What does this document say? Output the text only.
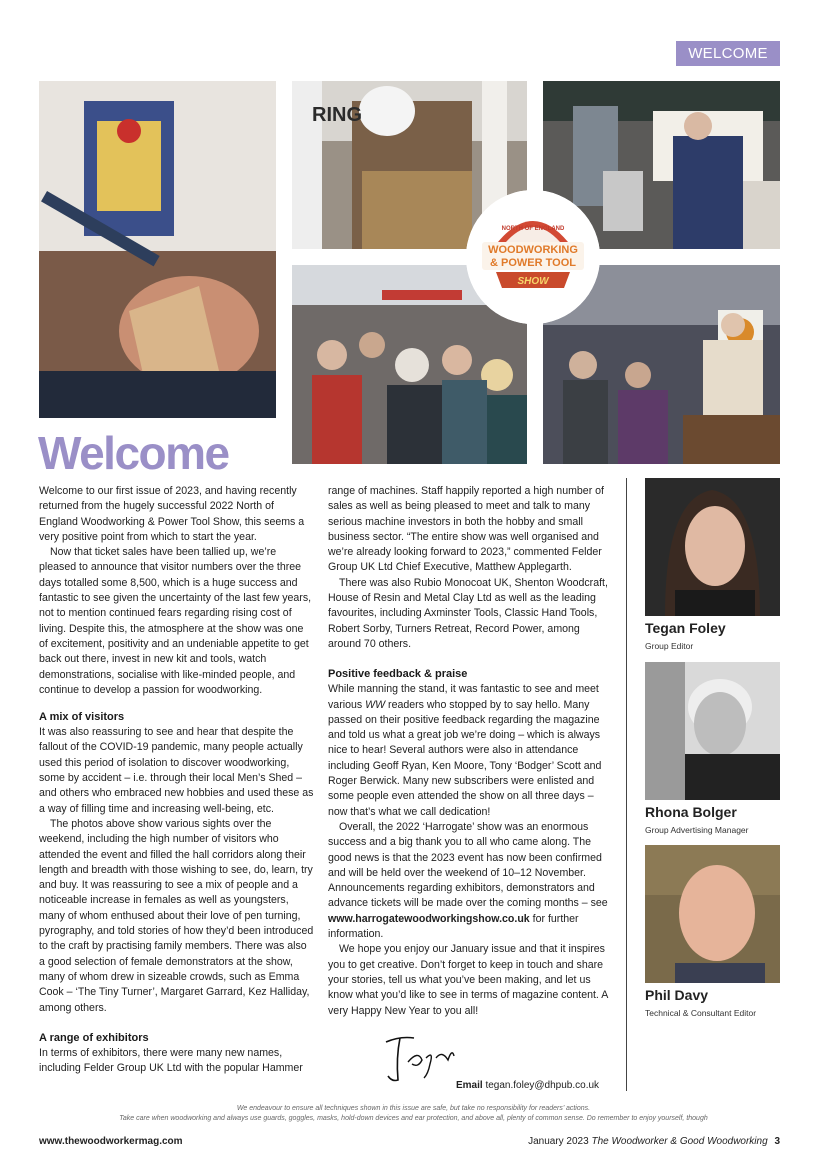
WELCOME
RING
NORTH OF ENGLAND
WOODWORKING
& POWER TOOL
SHOW
Welcome

Welcome to our first issue of 2023, and having recently returned from the hugely successful 2022 North of England Woodworking & Power Tool Show, this seems a very positive point from which to start the year.

Now that ticket sales have been tallied up, we’re pleased to announce that visitor numbers over the three days totalled some 8,500, which is a huge success and fantastic to see given the uncertainty of the last few years, not to mention continued fears regarding rising cost of living. Despite this, the atmosphere at the show was one of excitement, positivity and an undeniable appetite to get back out there, invest in new kit and tools, watch demonstrations, socialise with like-minded people, and continue to develop a passion for woodworking.

A mix of visitors

It was also reassuring to see and hear that despite the fallout of the COVID-19 pandemic, many people actually used this period of isolation to discover woodworking, some by accident – i.e. through their local Men’s Shed – and others who embraced new hobbies and used these as a way of filling time and increasing well-being, etc.

The photos above show various sights over the weekend, including the high number of visitors who attended the event and filled the hall corridors along their length and breadth with those wishing to see, do, learn, try and buy. It was reassuring to see a mix of people and a noticeable increase in females as well as youngsters, many of whom enthused about their love of pen turning, pyrography, and told stories of how they’d been introduced to the craft by practising family members. There was also a good selection of female demonstrators at the show, many of whom drew in sizeable crowds, such as Emma Cook – ‘The Tiny Turner’, Margaret Garrard, Kez Halliday, among others.

A range of exhibitors

In terms of exhibitors, there were many new names, including Felder Group UK Ltd with the popular Hammer

range of machines. Staff happily reported a high number of sales as well as being pleased to meet and talk to many serious machine investors in both the hobby and small business sector. “The entire show was well organised and we’re already looking forward to 2023,” commented Felder Group UK Ltd Chief Executive, Matthew Applegarth.

There was also Rubio Monocoat UK, Shenton Woodcraft, House of Resin and Metal Clay Ltd as well as the leading favourites, including Axminster Tools, Classic Hand Tools, Robert Sorby, Turners Retreat, Record Power, among around 70 others.

Positive feedback & praise

While manning the stand, it was fantastic to see and meet various WW readers who stopped by to say hello. Many passed on their positive feedback regarding the magazine and told us what a great job we’re doing – which is always nice to hear! Several authors were also in attendance including Geoff Ryan, Ken Moore, Tony ‘Bodger’ Scott and Roger Berwick. Many new subscribers were enlisted and some people even attended the show on all three days – now that’s what we call dedication!

Overall, the 2022 ‘Harrogate’ show was an enormous success and a big thank you to all who came along. The good news is that the 2023 event has now been confirmed and will be held over the weekend of 10–12 November. Announcements regarding exhibitors, demonstrators and advance tickets will be made over the coming months – see www.harrogatewoodworkingshow.co.uk for further information.

We hope you enjoy our January issue and that it inspires you to get creative. Don’t forget to keep in touch and share your stories, tell us what you’ve been making, and let us know what you’d like to see in terms of magazine content. A very Happy New Year to you all!

Tegan Foley
Group Editor
Rhona Bolger
Group Advertising Manager
Phil Davy
Technical & Consultant Editor
Email tegan.foley@dhpub.co.uk
We endeavour to ensure all techniques shown in this issue are safe, but take no responsibility for readers’ actions.
Take care when woodworking and always use guards, goggles, masks, hold-down devices and ear protection, and above all, plenty of common sense. Do remember to enjoy yourself, though
www.thewoodworkermag.com	January 2023 The Woodworker & Good Woodworking 3
